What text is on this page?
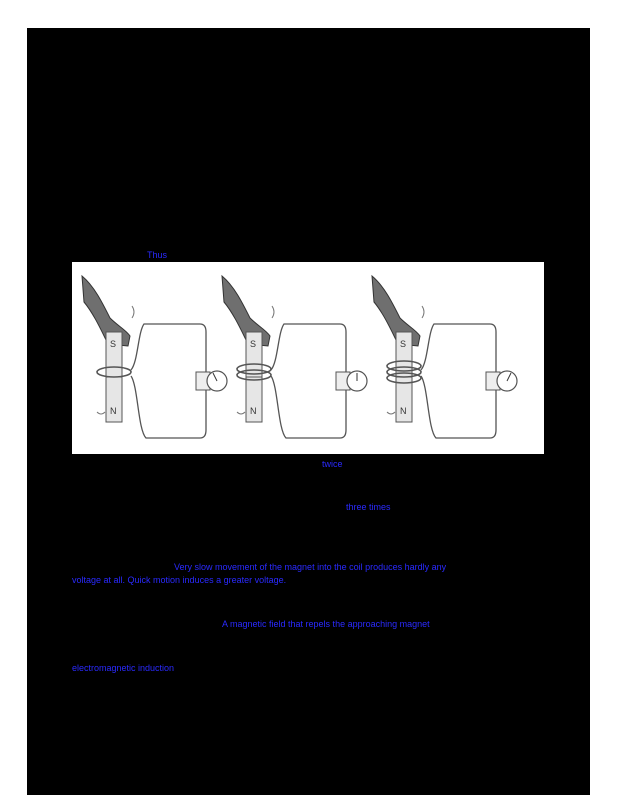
Thus
S
N
S
N
S
N
twice
three times
Very slow movement of the magnet into the coil produces hardly any
voltage at all. Quick motion induces a greater voltage.
A magnetic field that repels the approaching magnet
electromagnetic induction
